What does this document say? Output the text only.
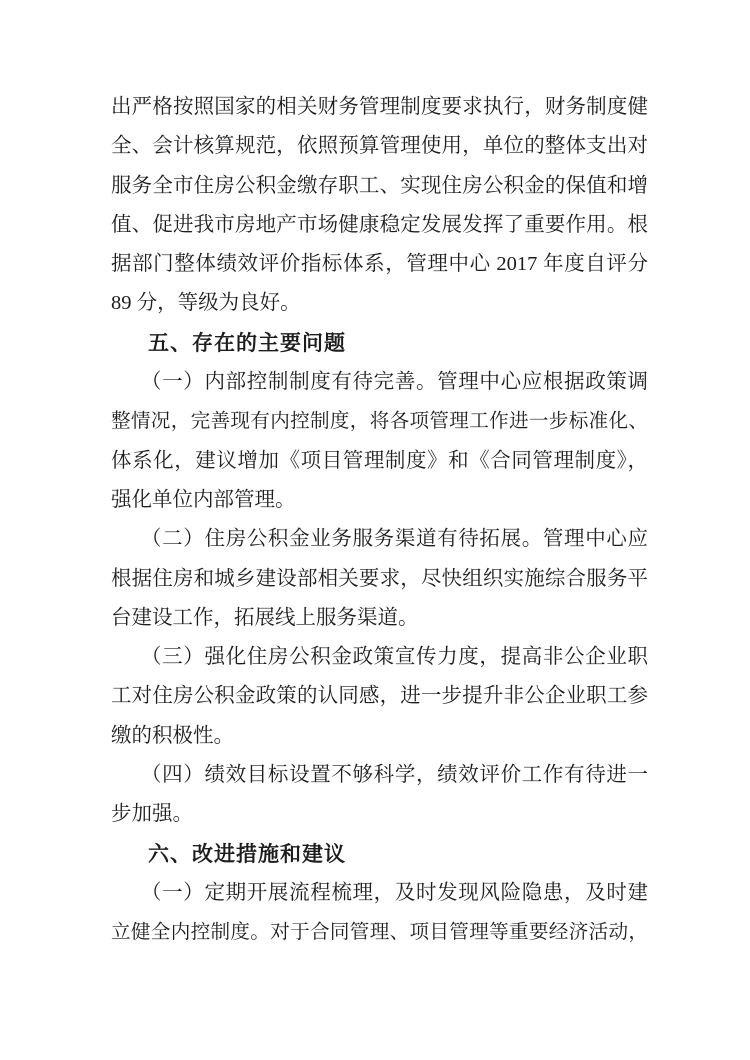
出严格按照国家的相关财务管理制度要求执行，财务制度健
全、会计核算规范，依照预算管理使用，单位的整体支出对
服务全市住房公积金缴存职工、实现住房公积金的保值和增
值、促进我市房地产市场健康稳定发展发挥了重要作用。根
据部门整体绩效评价指标体系，管理中心 2017 年度自评分
89 分，等级为良好。
五、存在的主要问题
（一）内部控制制度有待完善。管理中心应根据政策调
整情况，完善现有内控制度，将各项管理工作进一步标准化、
体系化，建议增加《项目管理制度》和《合同管理制度》，
强化单位内部管理。
（二）住房公积金业务服务渠道有待拓展。管理中心应
根据住房和城乡建设部相关要求，尽快组织实施综合服务平
台建设工作，拓展线上服务渠道。
（三）强化住房公积金政策宣传力度，提高非公企业职
工对住房公积金政策的认同感，进一步提升非公企业职工参
缴的积极性。
（四）绩效目标设置不够科学，绩效评价工作有待进一
步加强。
六、改进措施和建议
（一）定期开展流程梳理，及时发现风险隐患，及时建
立健全内控制度。对于合同管理、项目管理等重要经济活动，
